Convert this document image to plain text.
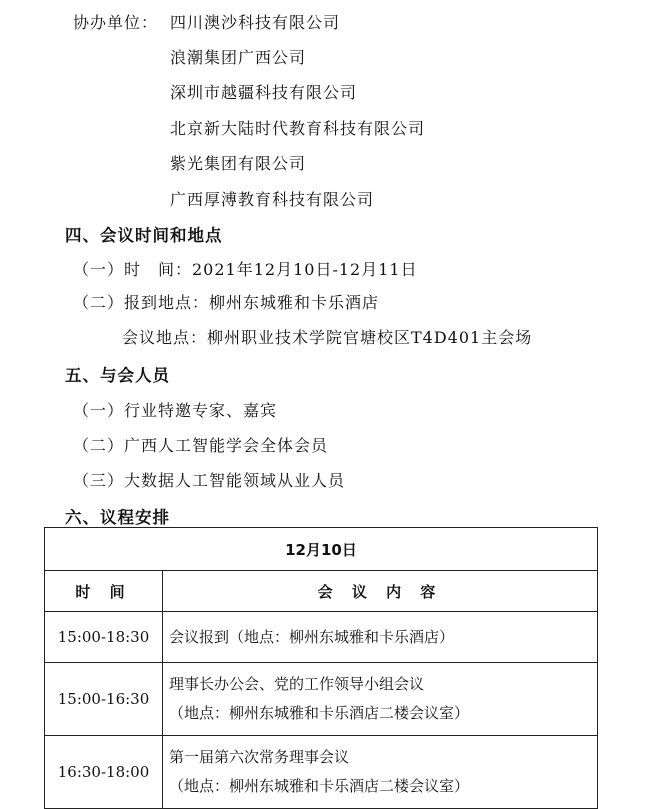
协办单位： 四川澳沙科技有限公司
浪潮集团广西公司
深圳市越疆科技有限公司
北京新大陆时代教育科技有限公司
紫光集团有限公司
广西厚溥教育科技有限公司
四、会议时间和地点
（一）时　间：2021年12月10日-12月11日
（二）报到地点：柳州东城雅和卡乐酒店
会议地点：柳州职业技术学院官塘校区T4D401主会场
五、与会人员
（一）行业特邀专家、嘉宾
（二）广西人工智能学会全体会员
（三）大数据人工智能领域从业人员
六、议程安排
12月10日	
时 间	会 议 内 容
15:00-18:30	会议报到（地点：柳州东城雅和卡乐酒店）

15:00-16:30	理事长办公会、党的工作领导小组会议
（地点：柳州东城雅和卡乐酒店二楼会议室）

16:30-18:00	第一届第六次常务理事会议
（地点：柳州东城雅和卡乐酒店二楼会议室）
